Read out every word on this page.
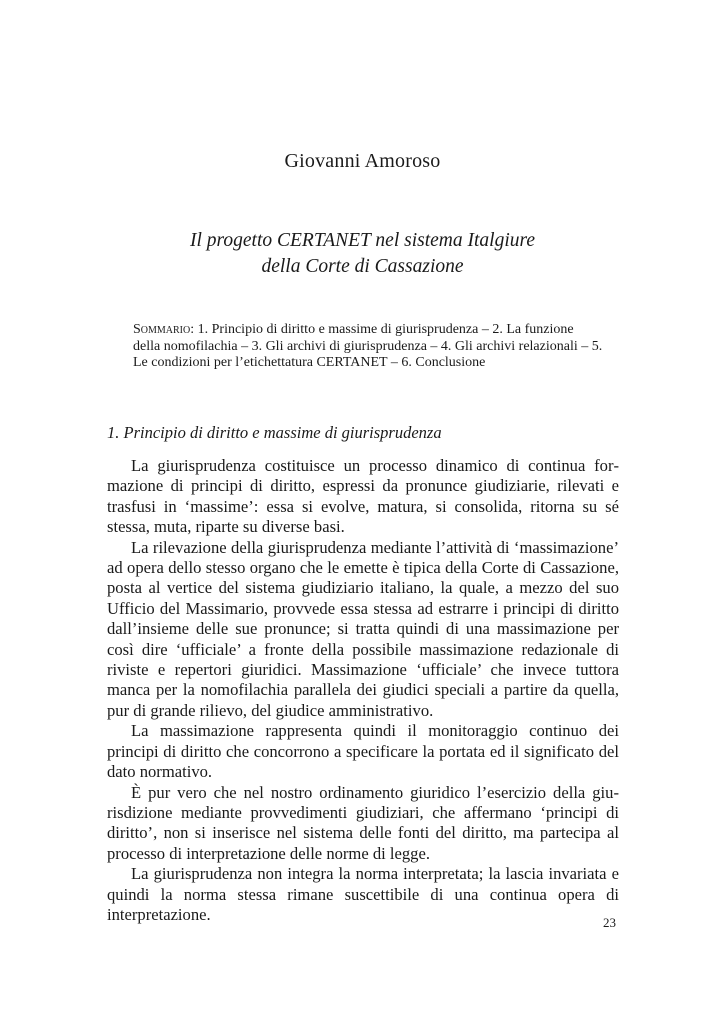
Giovanni Amoroso
Il progetto CERTANET nel sistema Italgiure
della Corte di Cassazione
Sommario: 1. Principio di diritto e massime di giurisprudenza – 2. La funzione della nomofilachia – 3. Gli archivi di giurisprudenza – 4. Gli archivi relazionali – 5. Le condizioni per l’etichettatura CERTANET – 6. Conclusione
1. Principio di diritto e massime di giurisprudenza

La giurisprudenza costituisce un processo dinamico di continua formazione di principi di diritto, espressi da pronunce giudiziarie, rilevati e trasfusi in ‘massime’: essa si evolve, matura, si consolida, ritorna su sé stessa, muta, riparte su diverse basi.

La rilevazione della giurisprudenza mediante l’attività di ‘massimazione’ ad opera dello stesso organo che le emette è tipica della Corte di Cassazione, posta al vertice del sistema giudiziario italiano, la quale, a mezzo del suo Ufficio del Massimario, provvede essa stessa ad estrarre i principi di diritto dall’insieme delle sue pronunce; si tratta quindi di una massimazione per così dire ‘ufficiale’ a fronte della possibile massimazione redazionale di riviste e repertori giuridici. Massimazione ‘ufficiale’ che invece tuttora manca per la nomofilachia parallela dei giudici speciali a partire da quella, pur di grande rilievo, del giudice amministrativo.

La massimazione rappresenta quindi il monitoraggio continuo dei principi di diritto che concorrono a specificare la portata ed il significato del dato normativo.

È pur vero che nel nostro ordinamento giuridico l’esercizio della giurisdizione mediante provvedimenti giudiziari, che affermano ‘principi di diritto’, non si inserisce nel sistema delle fonti del diritto, ma partecipa al processo di interpretazione delle norme di legge.

La giurisprudenza non integra la norma interpretata; la lascia invariata e quindi la norma stessa rimane suscettibile di una continua opera di interpretazione.	23
